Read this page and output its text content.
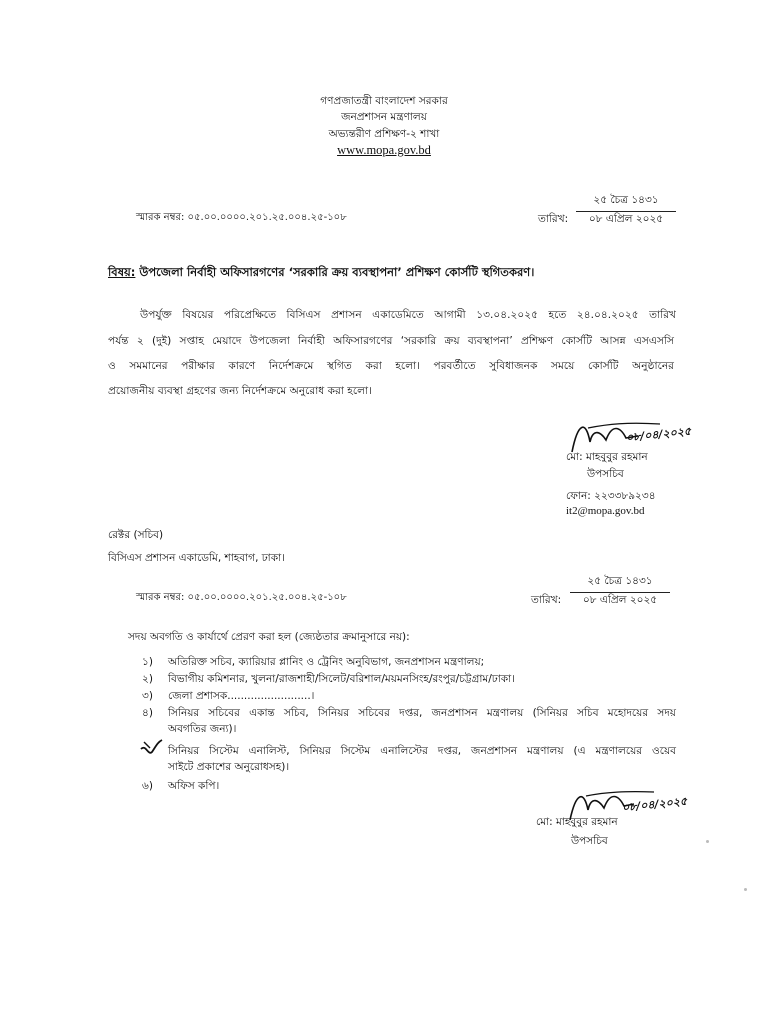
গণপ্রজাতন্ত্রী বাংলাদেশ সরকার
জনপ্রশাসন মন্ত্রণালয়
অভ্যন্তরীণ প্রশিক্ষণ-২ শাখা
www.mopa.gov.bd
স্মারক নম্বর: ০৫.০০.০০০০.২০১.২৫.০০৪.২৫-১০৮	তারিখ:
২৫ চৈত্র ১৪৩১
০৮ এপ্রিল ২০২৫
বিষয়: উপজেলা নির্বাহী অফিসারগণের ‘সরকারি ক্রয় ব্যবস্থাপনা’ প্রশিক্ষণ কোর্সটি স্থগিতকরণ।
উপর্যুক্ত বিষয়ের পরিপ্রেক্ষিতে বিসিএস প্রশাসন একাডেমিতে আগামী ১৩.০৪.২০২৫ হতে ২৪.০৪.২০২৫ তারিখ
পর্যন্ত ২ (দুই) সপ্তাহ মেয়াদে উপজেলা নির্বাহী অফিসারগণের ‘সরকারি ক্রয় ব্যবস্থাপনা’ প্রশিক্ষণ কোর্সটি আসন্ন এসএসসি
ও সমমানের পরীক্ষার কারণে নির্দেশক্রমে স্থগিত করা হলো। পরবর্তীতে সুবিধাজনক সময়ে কোর্সটি অনুষ্ঠানের
প্রয়োজনীয় ব্যবস্থা গ্রহণের জন্য নির্দেশক্রমে অনুরোধ করা হলো।
০৮/০৪/২০২৫
মো: মাহবুবুর রহমান
উপসচিব
ফোন: ২২৩৩৮৯২৩৪
it2@mopa.gov.bd
রেক্টর (সচিব)
বিসিএস প্রশাসন একাডেমি, শাহবাগ, ঢাকা।
স্মারক নম্বর: ০৫.০০.০০০০.২০১.২৫.০০৪.২৫-১০৮	তারিখ:
২৫ চৈত্র ১৪৩১
০৮ এপ্রিল ২০২৫
সদয় অবগতি ও কার্যার্থে প্রেরণ করা হল (জ্যেষ্ঠতার ক্রমানুসারে নয়):
১) অতিরিক্ত সচিব, ক্যারিয়ার প্লানিং ও ট্রেনিং অনুবিভাগ, জনপ্রশাসন মন্ত্রণালয়;
২) বিভাগীয় কমিশনার, খুলনা/রাজশাহী/সিলেট/বরিশাল/ময়মনসিংহ/রংপুর/চট্টগ্রাম/ঢাকা।
৩) জেলা প্রশাসক.........................।
৪) সিনিয়র সচিবের একান্ত সচিব, সিনিয়র সচিবের দপ্তর, জনপ্রশাসন মন্ত্রণালয় (সিনিয়র সচিব মহোদয়ের সদয়
অবগতির জন্য)।
সিনিয়র সিস্টেম এনালিস্ট, সিনিয়র সিস্টেম এনালিস্টের দপ্তর, জনপ্রশাসন মন্ত্রণালয় (এ মন্ত্রণালয়ের ওয়েব
সাইটে প্রকাশের অনুরোধসহ)।
৬) অফিস কপি।
০৮/০৪/২০২৫
মো: মাহবুবুর রহমান
উপসচিব
